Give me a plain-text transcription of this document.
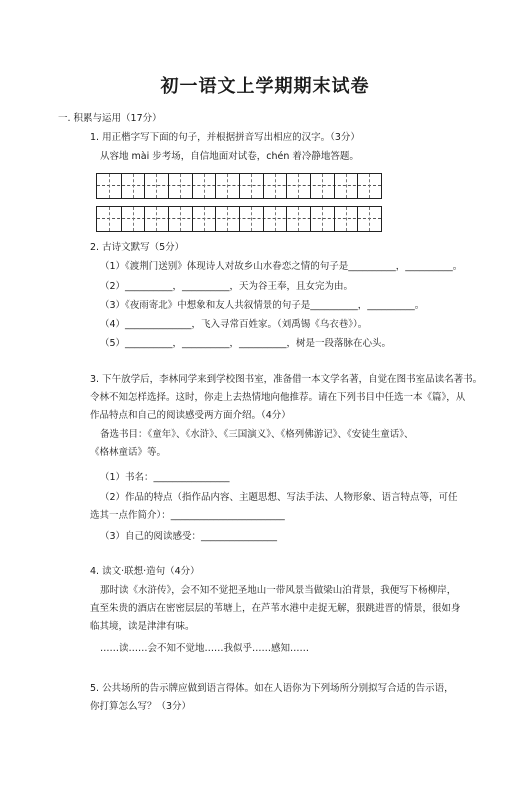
初一语文上学期期末试卷
一. 积累与运用（17分）
1. 用正楷字写下面的句子，并根据拼音写出相应的汉字。（3分）
从容地 mài 步考场，自信地面对试卷，chén 着冷静地答题。
2. 古诗文默写（5分）
（1）《渡荆门送别》体现诗人对故乡山水眷恋之情的句子是__________，__________。
（2）__________，__________，天为谷王奉，且女完为由。
（3）《夜雨寄北》中想象和友人共叙情景的句子是__________，__________。
（4）______________，飞入寻常百姓家。（刘禹锡《乌衣巷》）。
（5）__________，__________，__________，树是一段落脉在心头。
3. 下午放学后，李林同学来到学校图书室，准备借一本文学名著，自觉在图书室品读名著书。
令林不知怎样选择。这时，你走上去热情地向他推荐。请在下列书目中任选一本《篇》，从
作品特点和自己的阅读感受两方面介绍。（4分）
备选书目：《童年》、《水浒》、《三国演义》、《格列佛游记》、《安徒生童话》、
《格林童话》等。
（1）书名：________________
（2）作品的特点（指作品内容、主题思想、写法手法、人物形象、语言特点等，可任
选其一点作简介）：________________________
（3）自己的阅读感受：________________
4. 读文·联想·造句（4分）
那时读《水浒传》，会不知不觉把圣地山一带风景当做梁山泊背景，我便写下杨柳岸，
直至朱贵的酒店在密密层层的苇塘上，在芦苇水港中走捉无解，狠跳进晋的情景，很如身
临其境，读是津津有味。
……读……会不知不觉地……我似乎……感知……
5. 公共场所的告示牌应做到语言得体。如在人语你为下列场所分别拟写合适的告示语，
你打算怎么写？（3分）
